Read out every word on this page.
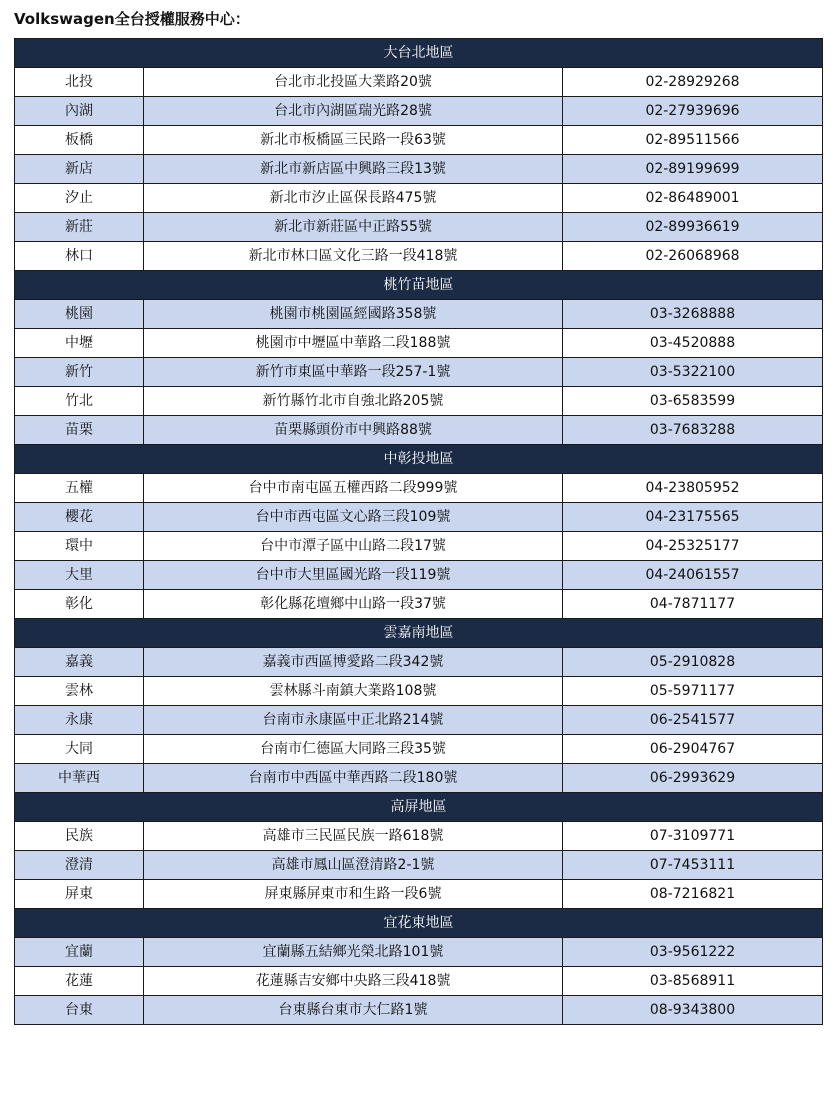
Volkswagen全台授權服務中心：
大台北地區		
北投	台北市北投區大業路20號	02-28929268
內湖	台北市內湖區瑞光路28號	02-27939696
板橋	新北市板橋區三民路一段63號	02-89511566
新店	新北市新店區中興路三段13號	02-89199699
汐止	新北市汐止區保長路475號	02-86489001
新莊	新北市新莊區中正路55號	02-89936619
林口	新北市林口區文化三路一段418號	02-26068968
桃竹苗地區		
桃園	桃園市桃園區經國路358號	03-3268888
中壢	桃園市中壢區中華路二段188號	03-4520888
新竹	新竹市東區中華路一段257-1號	03-5322100
竹北	新竹縣竹北市自強北路205號	03-6583599
苗栗	苗栗縣頭份市中興路88號	03-7683288
中彰投地區		
五權	台中市南屯區五權西路二段999號	04-23805952
櫻花	台中市西屯區文心路三段109號	04-23175565
環中	台中市潭子區中山路二段17號	04-25325177
大里	台中市大里區國光路一段119號	04-24061557
彰化	彰化縣花壇鄉中山路一段37號	04-7871177
雲嘉南地區		
嘉義	嘉義市西區博愛路二段342號	05-2910828
雲林	雲林縣斗南鎮大業路108號	05-5971177
永康	台南市永康區中正北路214號	06-2541577
大同	台南市仁德區大同路三段35號	06-2904767
中華西	台南市中西區中華西路二段180號	06-2993629
高屏地區		
民族	高雄市三民區民族一路618號	07-3109771
澄清	高雄市鳳山區澄清路2-1號	07-7453111
屏東	屏東縣屏東市和生路一段6號	08-7216821
宜花東地區		
宜蘭	宜蘭縣五結鄉光榮北路101號	03-9561222
花蓮	花蓮縣吉安鄉中央路三段418號	03-8568911
台東	台東縣台東市大仁路1號	08-9343800
